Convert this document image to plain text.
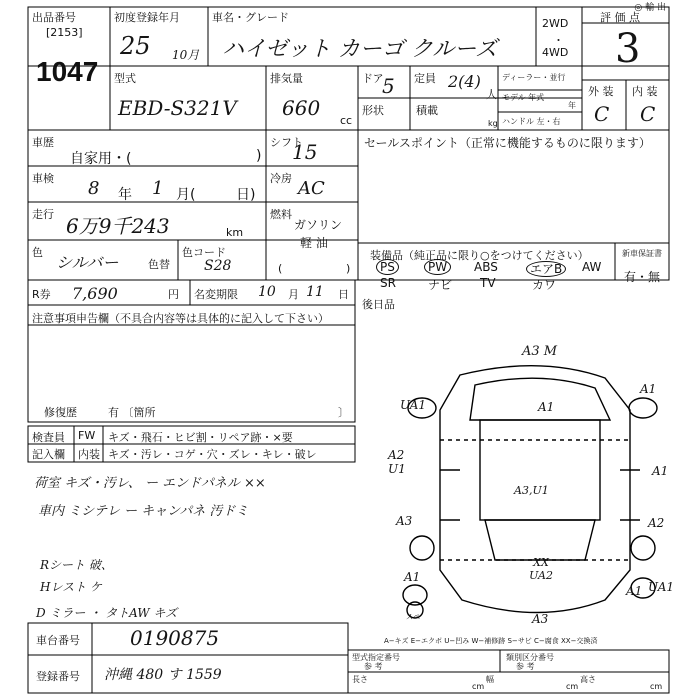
◎ 輸 出
出品番号
[2153]
1047
初度登録年月
25 10月
車名・グレード
ハイゼット カーゴ クルーズ
2WD
・
4WD
評 価 点
3
型式
EBD-S321V
排気量
660
cc
ドア
5 定員 2(4)
人
ディーラー・並行
モデル 年式
年
形状	積載
kg ハンドル 左・右
外 装 内 装
C C
車歴
自家用・(	)
シフト
15
車検 8 年 1 月(	日)
冷房 AC
走行 6万9千243	km
燃料
ガソリン
軽 油
(	)
色
シルバー	色替
色コード
S28
セールスポイント（正常に機能するものに限ります）
装備品（純正品に限り○をつけてください）	新車保証書
有・無
PS	PW	ABS	エアB	AW
SR	ナビ TV	カワ
R券 7,690	円 名変期限 10 月 11 日
後日品
注意事項申告欄（不具合内容等は具体的に記入して下さい）
修復歴	有 〔箇所	〕
検査員
記入欄
FW
内装
キズ・飛石・ヒビ割・リペア跡・×要
キズ・汚レ・コゲ・穴・ズレ・キレ・破レ
荷室 キズ・汚レ、 ー エンドパネル ××
車内 ミシテレ ー キャンパネ 汚ドミ
Rシート 破、
Hレスト ケ
D ミラー ・ タトAW キズ
A3 M
A1
UA1	A1
A2 U1	A1
A3,U1
A3	A2
A1
XX UA2
A1 UA1
A3
スペ
A−キズ E−エクボ U−凹み W−補修跡 S−サビ C−腐食 XX−交換済
車台番号	0190875
登録番号 沖縄 480 す 1559
型式指定番号
参 考
類別区分番号
参 考
長さ
cm
幅
cm
高さ
cm
